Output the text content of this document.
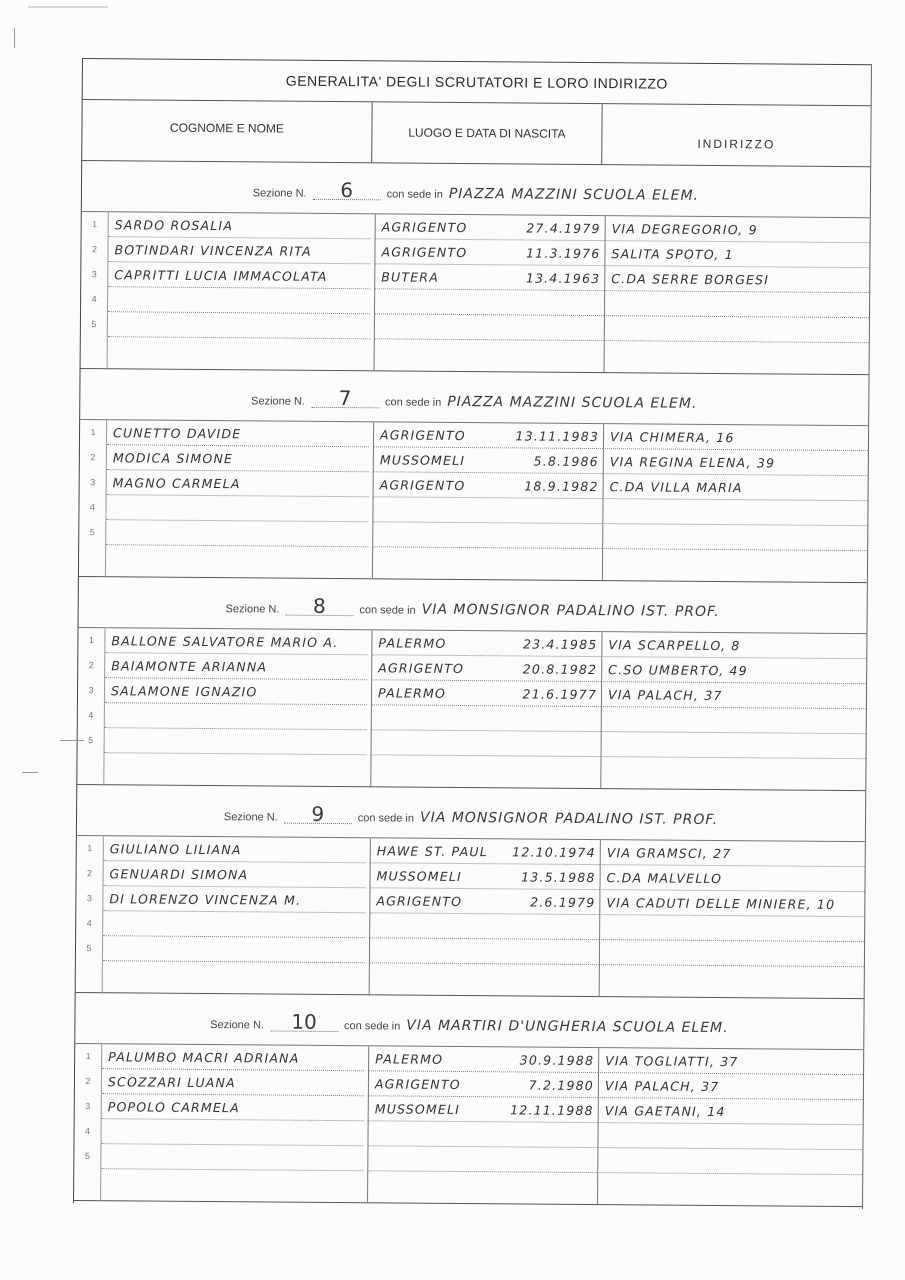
GENERALITA' DEGLI SCRUTATORI E LORO INDIRIZZO
COGNOME E NOME	LUOGO E DATA DI NASCITA
INDIRIZZO
Sezione N.	6	con sede in PIAZZA MAZZINI SCUOLA ELEM.
1	SARDO ROSALIA	AGRIGENTO	27.4.1979 VIA DEGREGORIO, 9
2	BOTINDARI VINCENZA RITA	AGRIGENTO	11.3.1976 SALITA SPOTO, 1
3	CAPRITTI LUCIA IMMACOLATA	BUTERA	13.4.1963 C.DA SERRE BORGESI
4
5
Sezione N.	7	con sede in PIAZZA MAZZINI SCUOLA ELEM.
1	CUNETTO DAVIDE	AGRIGENTO	13.11.1983 VIA CHIMERA, 16
2	MODICA SIMONE	MUSSOMELI	5.8.1986 VIA REGINA ELENA, 39
3	MAGNO CARMELA	AGRIGENTO	18.9.1982 C.DA VILLA MARIA
4
5
Sezione N.	8	con sede in VIA MONSIGNOR PADALINO IST. PROF.
1	BALLONE SALVATORE MARIO A.	PALERMO	23.4.1985 VIA SCARPELLO, 8
2	BAIAMONTE ARIANNA	AGRIGENTO	20.8.1982 C.SO UMBERTO, 49
3	SALAMONE IGNAZIO	PALERMO	21.6.1977 VIA PALACH, 37
4
5
Sezione N.	9	con sede in VIA MONSIGNOR PADALINO IST. PROF.
1	GIULIANO LILIANA	HAWE ST. PAUL 12.10.1974 VIA GRAMSCI, 27
2	GENUARDI SIMONA	MUSSOMELI	13.5.1988 C.DA MALVELLO
3	DI LORENZO VINCENZA M.	AGRIGENTO	2.6.1979 VIA CADUTI DELLE MINIERE, 10
4
5
Sezione N.	10	con sede in VIA MARTIRI D'UNGHERIA SCUOLA ELEM.
1	PALUMBO MACRI ADRIANA	PALERMO	30.9.1988 VIA TOGLIATTI, 37
2	SCOZZARI LUANA	AGRIGENTO	7.2.1980 VIA PALACH, 37
3	POPOLO CARMELA	MUSSOMELI	12.11.1988 VIA GAETANI, 14
4
5
